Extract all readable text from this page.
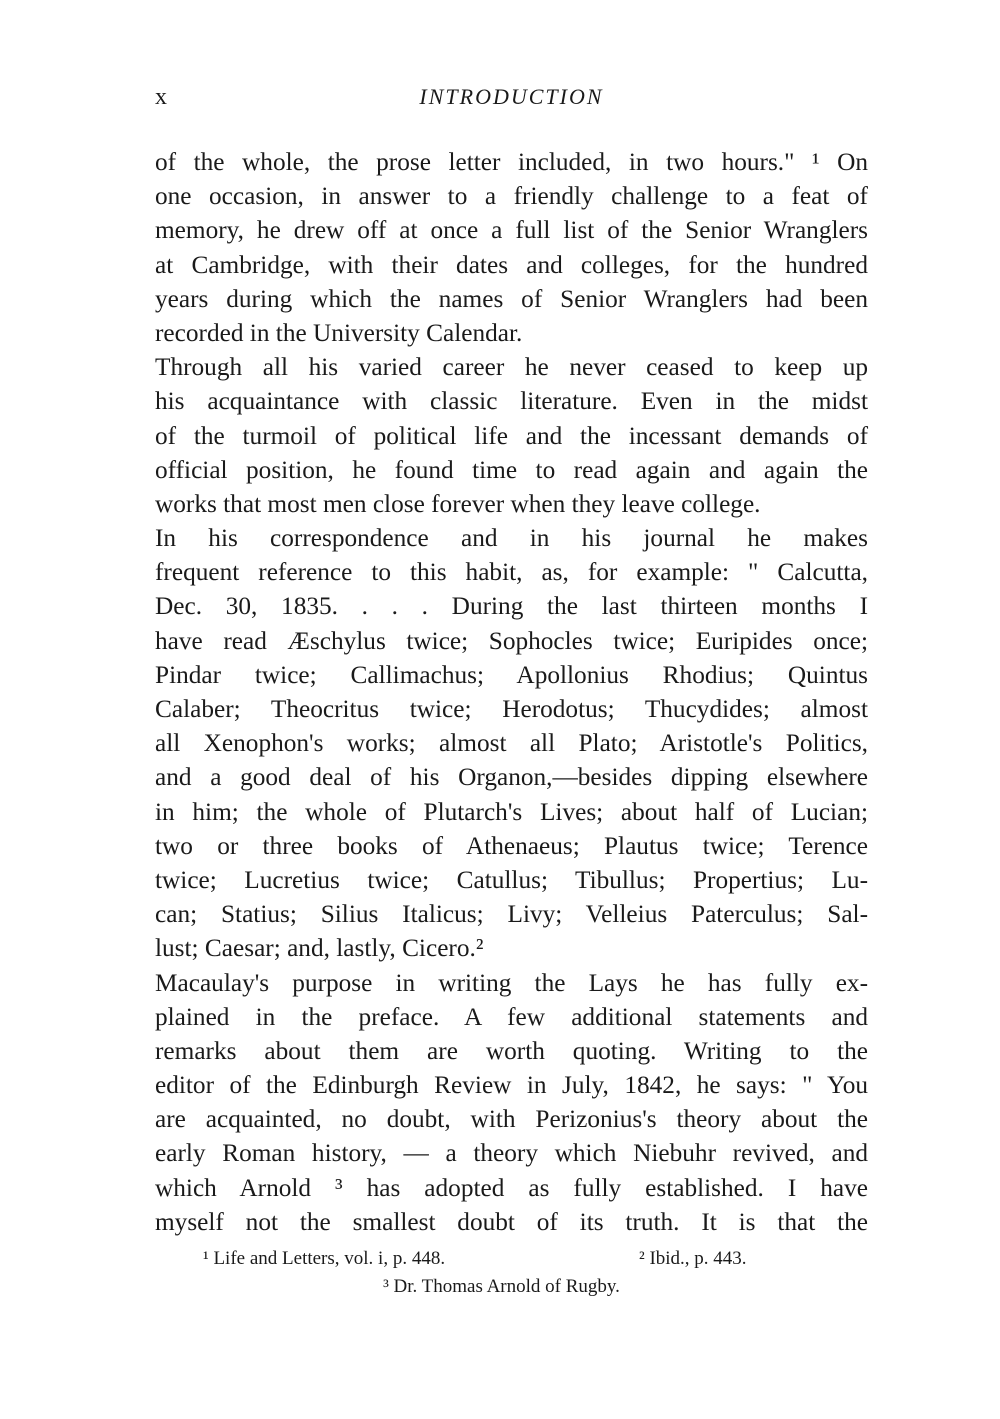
x	INTRODUCTION
of the whole, the prose letter included, in two hours." ¹ On
one occasion, in answer to a friendly challenge to a feat of
memory, he drew off at once a full list of the Senior Wranglers
at Cambridge, with their dates and colleges, for the hundred
years during which the names of Senior Wranglers had been
recorded in the University Calendar.
Through all his varied career he never ceased to keep up
his acquaintance with classic literature. Even in the midst
of the turmoil of political life and the incessant demands of
official position, he found time to read again and again the
works that most men close forever when they leave college.
In his correspondence and in his journal he makes
frequent reference to this habit, as, for example: " Calcutta,
Dec. 30, 1835. . . . During the last thirteen months I
have read Æschylus twice; Sophocles twice; Euripides once;
Pindar twice; Callimachus; Apollonius Rhodius; Quintus
Calaber; Theocritus twice; Herodotus; Thucydides; almost
all Xenophon's works; almost all Plato; Aristotle's Politics,
and a good deal of his Organon,—besides dipping elsewhere
in him; the whole of Plutarch's Lives; about half of Lucian;
two or three books of Athenaeus; Plautus twice; Terence
twice; Lucretius twice; Catullus; Tibullus; Propertius; Lu-
can; Statius; Silius Italicus; Livy; Velleius Paterculus; Sal-
lust; Caesar; and, lastly, Cicero.²
Macaulay's purpose in writing the Lays he has fully ex-
plained in the preface. A few additional statements and
remarks about them are worth quoting. Writing to the
editor of the Edinburgh Review in July, 1842, he says: " You
are acquainted, no doubt, with Perizonius's theory about the
early Roman history, — a theory which Niebuhr revived, and
which Arnold ³ has adopted as fully established. I have
myself not the smallest doubt of its truth. It is that the
¹ Life and Letters, vol. i, p. 448.	² Ibid., p. 443.
³ Dr. Thomas Arnold of Rugby.
